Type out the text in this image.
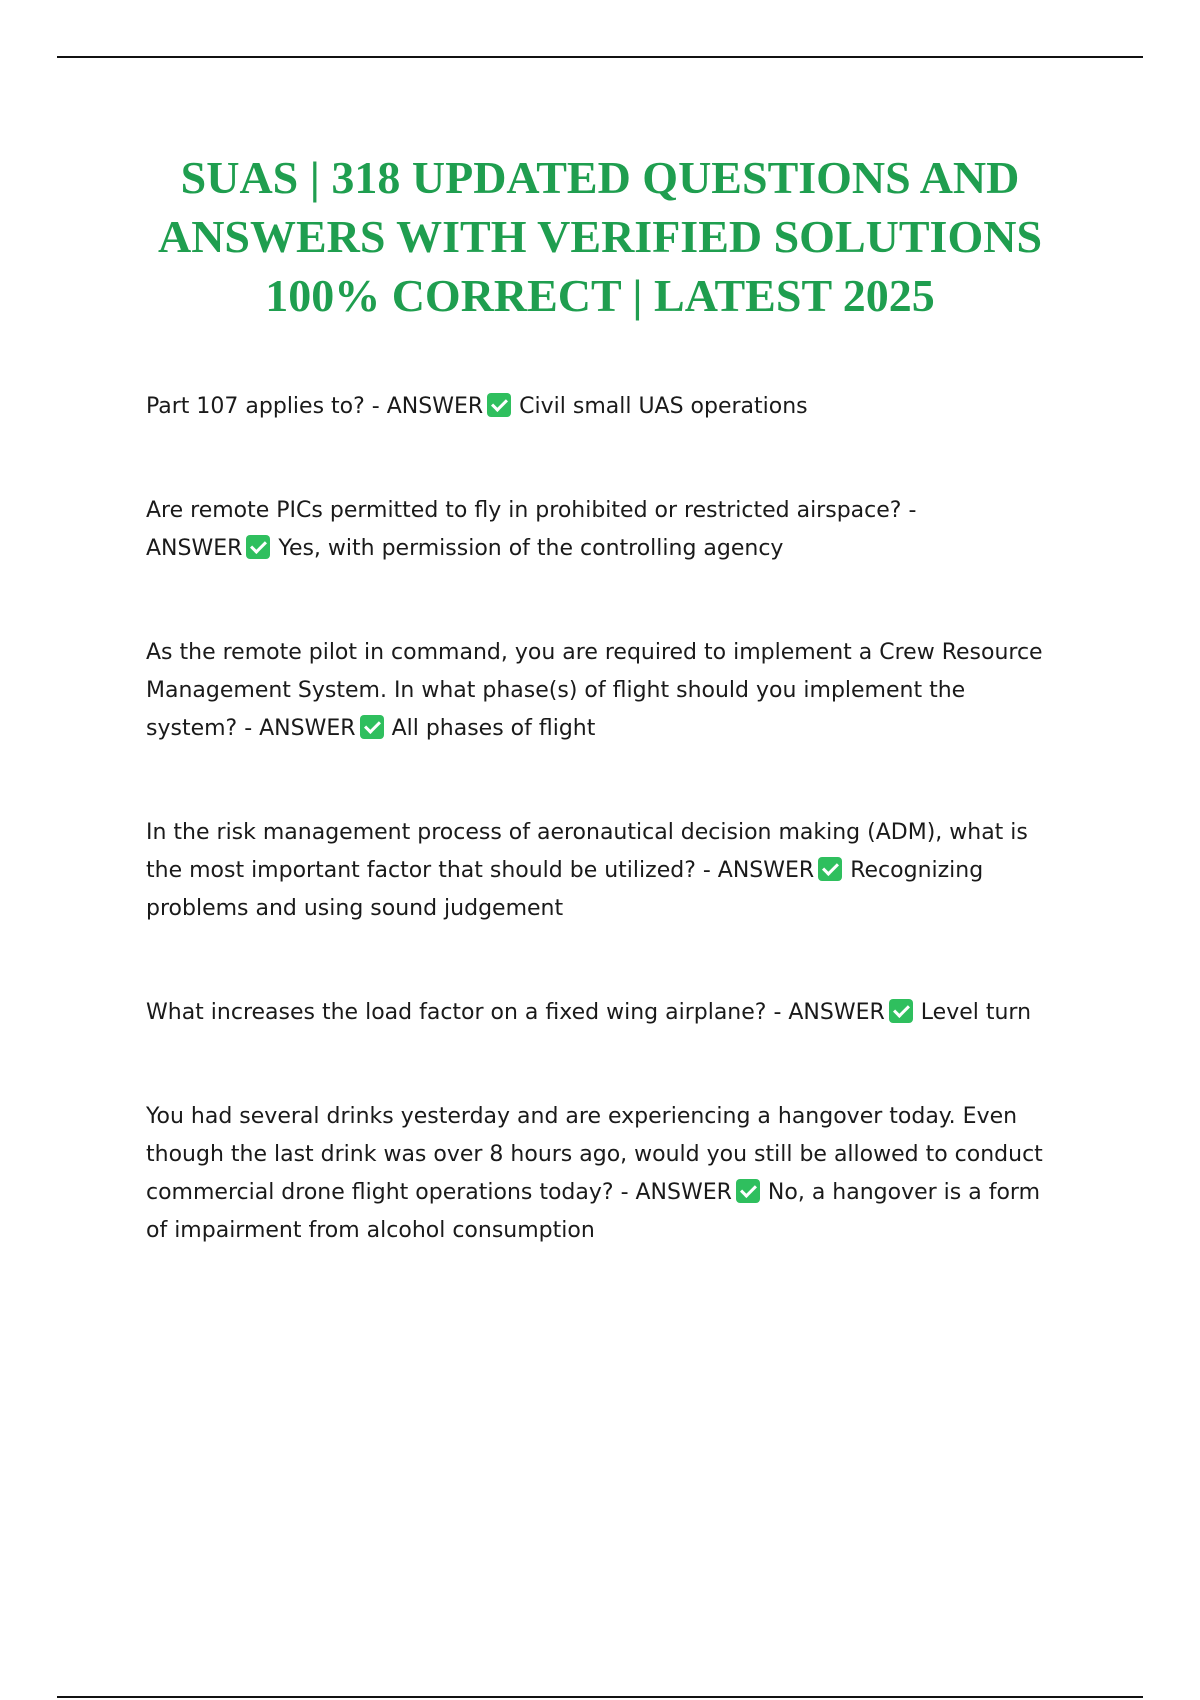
SUAS | 318 UPDATED QUESTIONS AND
ANSWERS WITH VERIFIED SOLUTIONS
100% CORRECT | LATEST 2025
Part 107 applies to? - ANSWER Civil small UAS operations
Are remote PICs permitted to fly in prohibited or restricted airspace? -
ANSWER Yes, with permission of the controlling agency
As the remote pilot in command, you are required to implement a Crew Resource
Management System. In what phase(s) of flight should you implement the
system? - ANSWER All phases of flight
In the risk management process of aeronautical decision making (ADM), what is
the most important factor that should be utilized? - ANSWER Recognizing
problems and using sound judgement
What increases the load factor on a fixed wing airplane? - ANSWER Level turn
You had several drinks yesterday and are experiencing a hangover today. Even
though the last drink was over 8 hours ago, would you still be allowed to conduct
commercial drone flight operations today? - ANSWER No, a hangover is a form
of impairment from alcohol consumption
